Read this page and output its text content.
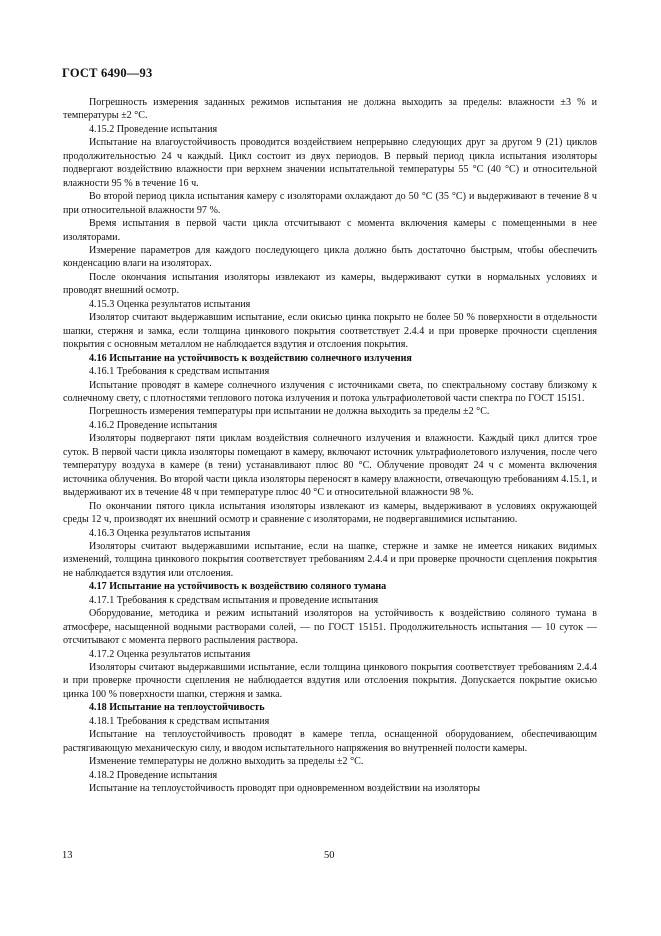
ГОСТ 6490—93

Погрешность измерения заданных режимов испытания не должна выходить за пределы: влажности ±3 % и температуры ±2 °С.

4.15.2 Проведение испытания

Испытание на влагоустойчивость проводится воздействием непрерывно следующих друг за другом 9 (21) циклов продолжительностью 24 ч каждый. Цикл состоит из двух периодов. В первый период цикла испытания изоляторы подвергают воздействию влажности при верхнем значении испытательной температуры 55 °С (40 °С) и относительной влажности 95 % в течение 16 ч.

Во второй период цикла испытания камеру с изоляторами охлаждают до 50 °С (35 °С) и выдерживают в течение 8 ч при относительной влажности 97 %.

Время испытания в первой части цикла отсчитывают с момента включения камеры с помещенными в нее изоляторами.

Измерение параметров для каждого последующего цикла должно быть достаточно быстрым, чтобы обеспечить конденсацию влаги на изоляторах.

После окончания испытания изоляторы извлекают из камеры, выдерживают сутки в нормальных условиях и проводят внешний осмотр.

4.15.3 Оценка результатов испытания

Изолятор считают выдержавшим испытание, если окисью цинка покрыто не более 50 % поверхности в отдельности шапки, стержня и замка, если толщина цинкового покрытия соответствует 2.4.4 и при проверке прочности сцепления покрытия с основным металлом не наблюдается вздутия и отслоения покрытия.

4.16 Испытание на устойчивость к воздействию солнечного излучения

4.16.1 Требования к средствам испытания

Испытание проводят в камере солнечного излучения с источниками света, по спектральному составу близкому к солнечному свету, с плотностями теплового потока излучения и потока ультрафиолетовой части спектра по ГОСТ 15151.

Погрешность измерения температуры при испытании не должна выходить за пределы ±2 °С.

4.16.2 Проведение испытания

Изоляторы подвергают пяти циклам воздействия солнечного излучения и влажности. Каждый цикл длится трое суток. В первой части цикла изоляторы помещают в камеру, включают источник ультрафиолетового излучения, после чего температуру воздуха в камере (в тени) устанавливают плюс 80 °С. Облучение проводят 24 ч с момента включения источника облучения. Во второй части цикла изоляторы переносят в камеру влажности, отвечающую требованиям 4.15.1, и выдерживают их в течение 48 ч при температуре плюс 40 °С и относительной влажности 98 %.

По окончании пятого цикла испытания изоляторы извлекают из камеры, выдерживают в условиях окружающей среды 12 ч, производят их внешний осмотр и сравнение с изоляторами, не подвергавшимися испытанию.

4.16.3 Оценка результатов испытания

Изоляторы считают выдержавшими испытание, если на шапке, стержне и замке не имеется никаких видимых изменений, толщина цинкового покрытия соответствует требованиям 2.4.4 и при проверке прочности сцепления покрытия не наблюдается вздутия или отслоения.

4.17 Испытание на устойчивость к воздействию соляного тумана

4.17.1 Требования к средствам испытания и проведение испытания

Оборудование, методика и режим испытаний изоляторов на устойчивость к воздействию соляного тумана в атмосфере, насыщенной водными растворами солей, — по ГОСТ 15151. Продолжительность испытания — 10 суток — отсчитывают с момента первого распыления раствора.

4.17.2 Оценка результатов испытания

Изоляторы считают выдержавшими испытание, если толщина цинкового покрытия соответствует требованиям 2.4.4 и при проверке прочности сцепления не наблюдается вздутия или отслоения покрытия. Допускается покрытие окисью цинка 100 % поверхности шапки, стержня и замка.

4.18 Испытание на теплоустойчивость

4.18.1 Требования к средствам испытания

Испытание на теплоустойчивость проводят в камере тепла, оснащенной оборудованием, обеспечивающим растягивающую механическую силу, и вводом испытательного напряжения во внутренней полости камеры.

Изменение температуры не должно выходить за пределы ±2 °С.

4.18.2 Проведение испытания

Испытание на теплоустойчивость проводят при одновременном воздействии на изоляторы

13	50
